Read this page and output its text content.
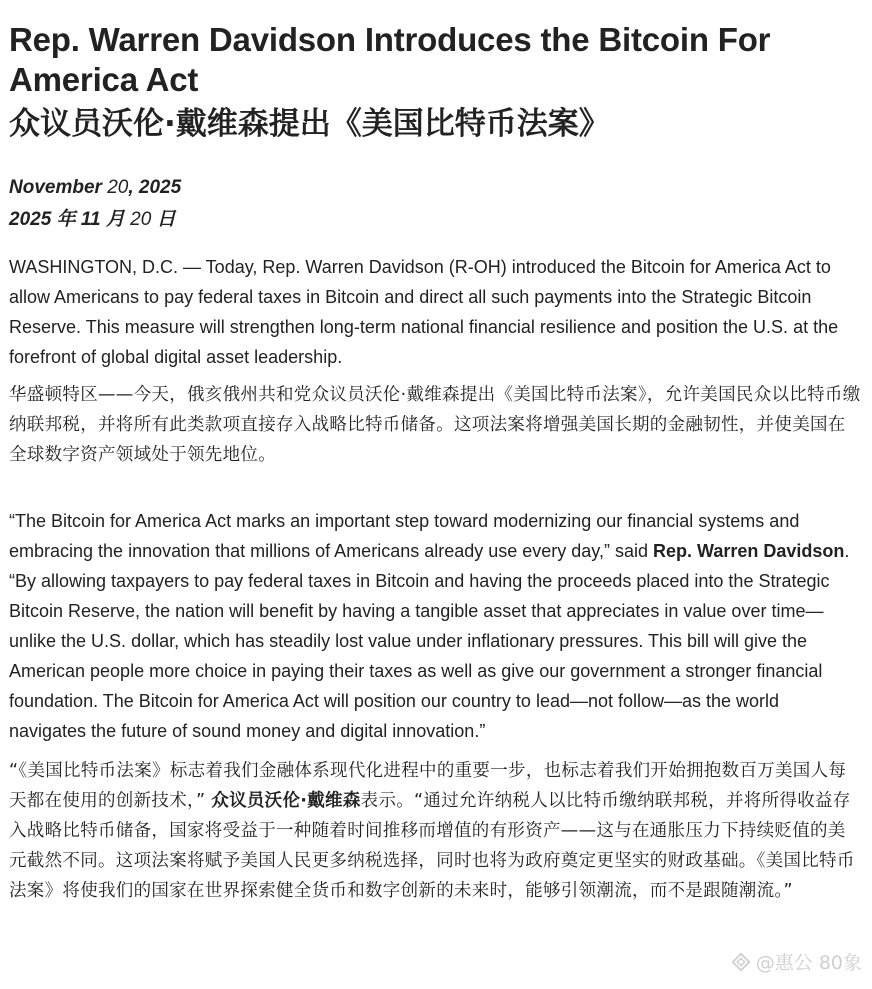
Rep. Warren Davidson Introduces the Bitcoin For America Act
众议员沃伦·戴维森提出《美国比特币法案》
November 20, 2025
2025 年 11 月 20 日

WASHINGTON, D.C. — Today, Rep. Warren Davidson (R-OH) introduced the Bitcoin for America Act to allow Americans to pay federal taxes in Bitcoin and direct all such payments into the Strategic Bitcoin Reserve. This measure will strengthen long-term national financial resilience and position the U.S. at the forefront of global digital asset leadership.

华盛顿特区——今天，俄亥俄州共和党众议员沃伦·戴维森提出《美国比特币法案》，允许美国民众以比特币缴纳联邦税，并将所有此类款项直接存入战略比特币储备。这项法案将增强美国长期的金融韧性，并使美国在全球数字资产领域处于领先地位。

“The Bitcoin for America Act marks an important step toward modernizing our financial systems and embracing the innovation that millions of Americans already use every day,” said Rep. Warren Davidson. “By allowing taxpayers to pay federal taxes in Bitcoin and having the proceeds placed into the Strategic Bitcoin Reserve, the nation will benefit by having a tangible asset that appreciates in value over time—unlike the U.S. dollar, which has steadily lost value under inflationary pressures. This bill will give the American people more choice in paying their taxes as well as give our government a stronger financial foundation. The Bitcoin for America Act will position our country to lead—not follow—as the world navigates the future of sound money and digital innovation.”

“《美国比特币法案》标志着我们金融体系现代化进程中的重要一步，也标志着我们开始拥抱数百万美国人每天都在使用的创新技术，” 众议员沃伦·戴维森表示。“通过允许纳税人以比特币缴纳联邦税，并将所得收益存入战略比特币储备，国家将受益于一种随着时间推移而增值的有形资产——这与在通胀压力下持续贬值的美元截然不同。这项法案将赋予美国人民更多纳税选择，同时也将为政府奠定更坚实的财政基础。《美国比特币法案》将使我们的国家在世界探索健全货币和数字创新的未来时，能够引领潮流，而不是跟随潮流。”

@惠公 80象
